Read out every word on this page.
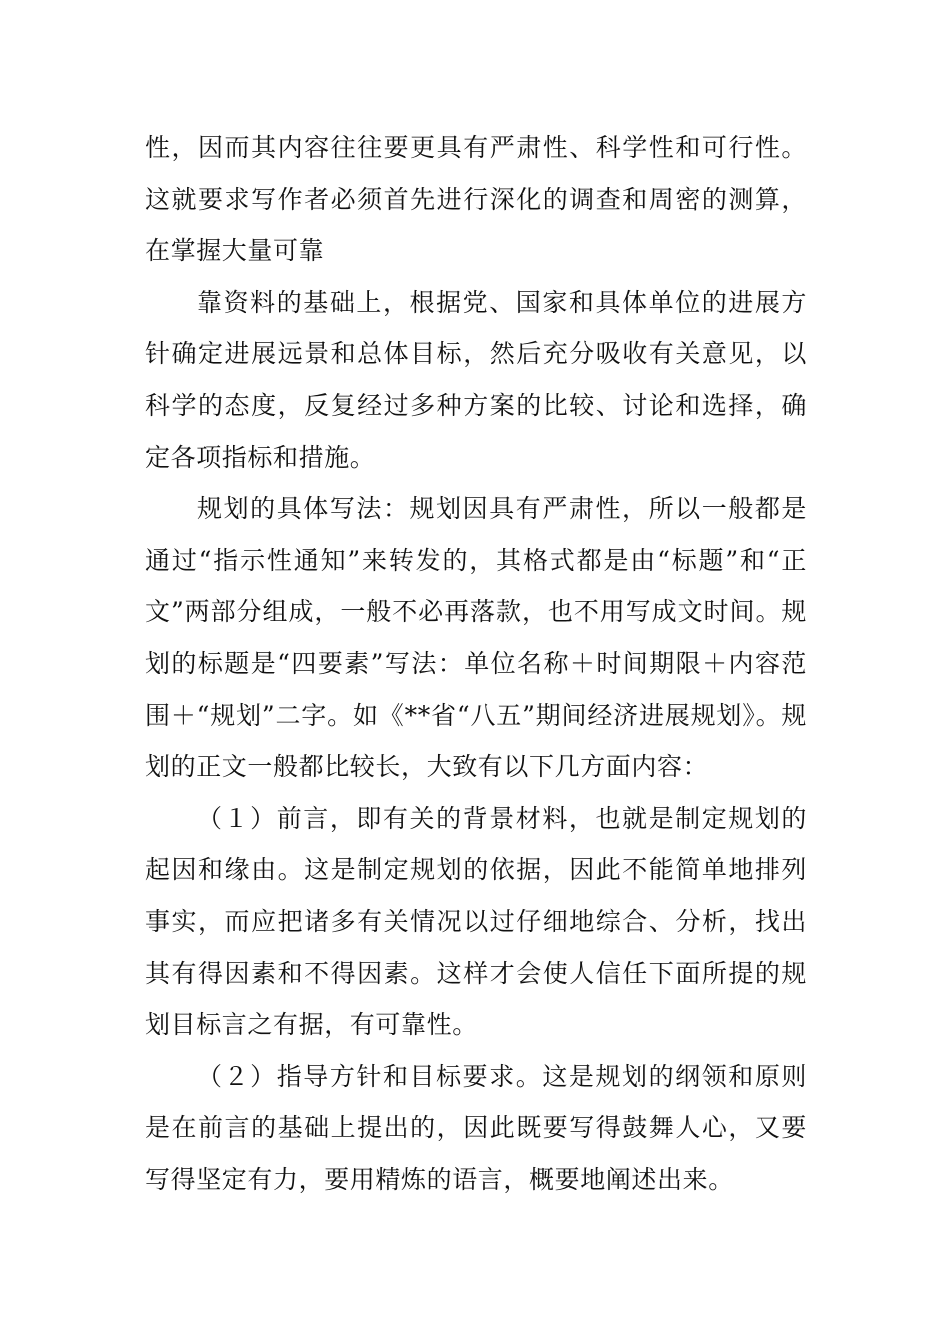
性，因而其内容往往要更具有严肃性、科学性和可行性。这就要求写作者必须首先进行深化的调查和周密的测算，在掌握大量可靠

靠资料的基础上，根据党、国家和具体单位的进展方针确定进展远景和总体目标，然后充分吸收有关意见，以科学的态度，反复经过多种方案的比较、讨论和选择，确定各项指标和措施。

规划的具体写法：规划因具有严肃性，所以一般都是通过“指示性通知”来转发的，其格式都是由“标题”和“正文”两部分组成，一般不必再落款，也不用写成文时间。规划的标题是“四要素”写法：单位名称＋时间期限＋内容范围＋“规划”二字。如《**省“八五”期间经济进展规划》。规划的正文一般都比较长，大致有以下几方面内容：

（１）前言，即有关的背景材料，也就是制定规划的起因和缘由。这是制定规划的依据，因此不能简单地排列事实，而应把诸多有关情况以过仔细地综合、分析，找出其有得因素和不得因素。这样才会使人信任下面所提的规划目标言之有据，有可靠性。

（２）指导方针和目标要求。这是规划的纲领和原则是在前言的基础上提出的，因此既要写得鼓舞人心，又要写得坚定有力，要用精炼的语言，概要地阐述出来。
